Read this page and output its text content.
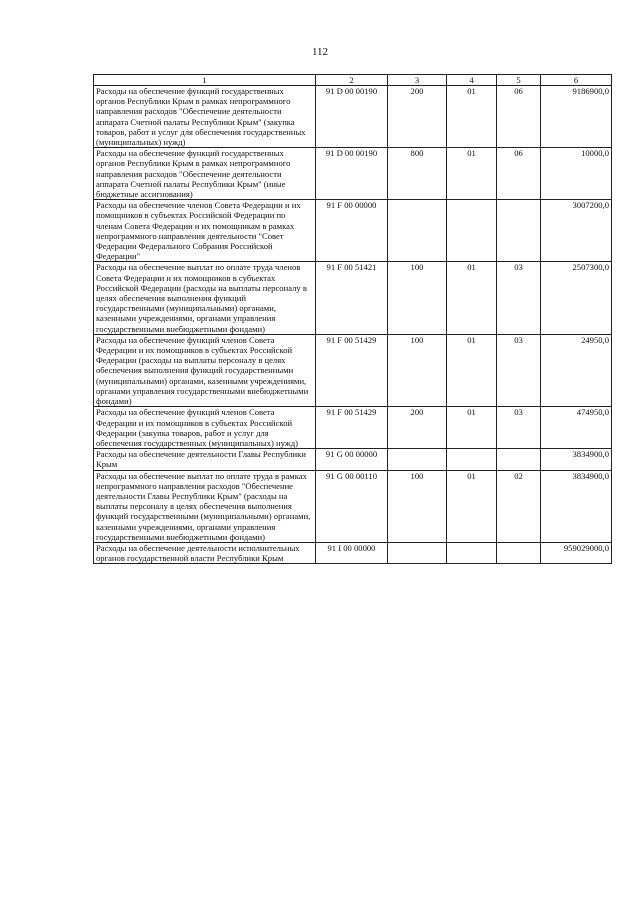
112
1	2	3	4	5	6
Расходы на обеспечение функций государственных органов Республики Крым в рамках непрограммного направления расходов "Обеспечение деятельности аппарата Счетной палаты Республики Крым" (закупка товаров, работ и услуг для обеспечения государственных (муниципальных) нужд)	91 D 00 00190	200	01	06	9186900,0
Расходы на обеспечение функций государственных органов Республики Крым в рамках непрограммного направления расходов "Обеспечение деятельности аппарата Счетной палаты Республики Крым" (иные бюджетные ассигнования)	91 D 00 00190	800	01	06	10000,0
Расходы на обеспечение членов Совета Федерации и их помощников в субъектах Российской Федерации по членам Совета Федерации и их помощникам в рамках непрограммного направления деятельности "Совет Федерации Федерального Собрания Российской Федерации"	91 F 00 00000				3007200,0
Расходы на обеспечение выплат по оплате труда членов Совета Федерации и их помощников в субъектах Российской Федерации (расходы на выплаты персоналу в целях обеспечения выполнения функций государственными (муниципальными) органами, казенными учреждениями, органами управления государственными внебюджетными фондами)	91 F 00 51421	100	01	03	2507300,0
Расходы на обеспечение функций членов Совета Федерации и их помощников в субъектах Российской Федерации (расходы на выплаты персоналу в целях обеспечения выполнения функций государственными (муниципальными) органами, казенными учреждениями, органами управления государственными внебюджетными фондами)	91 F 00 51429	100	01	03	24950,0
Расходы на обеспечение функций членов Совета Федерации и их помощников в субъектах Российской Федерации (закупка товаров, работ и услуг для обеспечения государственных (муниципальных) нужд)	91 F 00 51429	200	01	03	474950,0
Расходы на обеспечение деятельности Главы Республики Крым	91 G 00 00000				3834900,0
Расходы на обеспечение выплат по оплате труда в рамках непрограммного направления расходов "Обеспечение деятельности Главы Республики Крым" (расходы на выплаты персоналу в целях обеспечения выполнения функций государственными (муниципальными) органами, казенными учреждениями, органами управления государственными внебюджетными фондами)	91 G 00 00110	100	01	02	3834900,0
Расходы на обеспечение деятельности исполнительных органов государственной власти Республики Крым	91 I 00 00000				959029000,0
